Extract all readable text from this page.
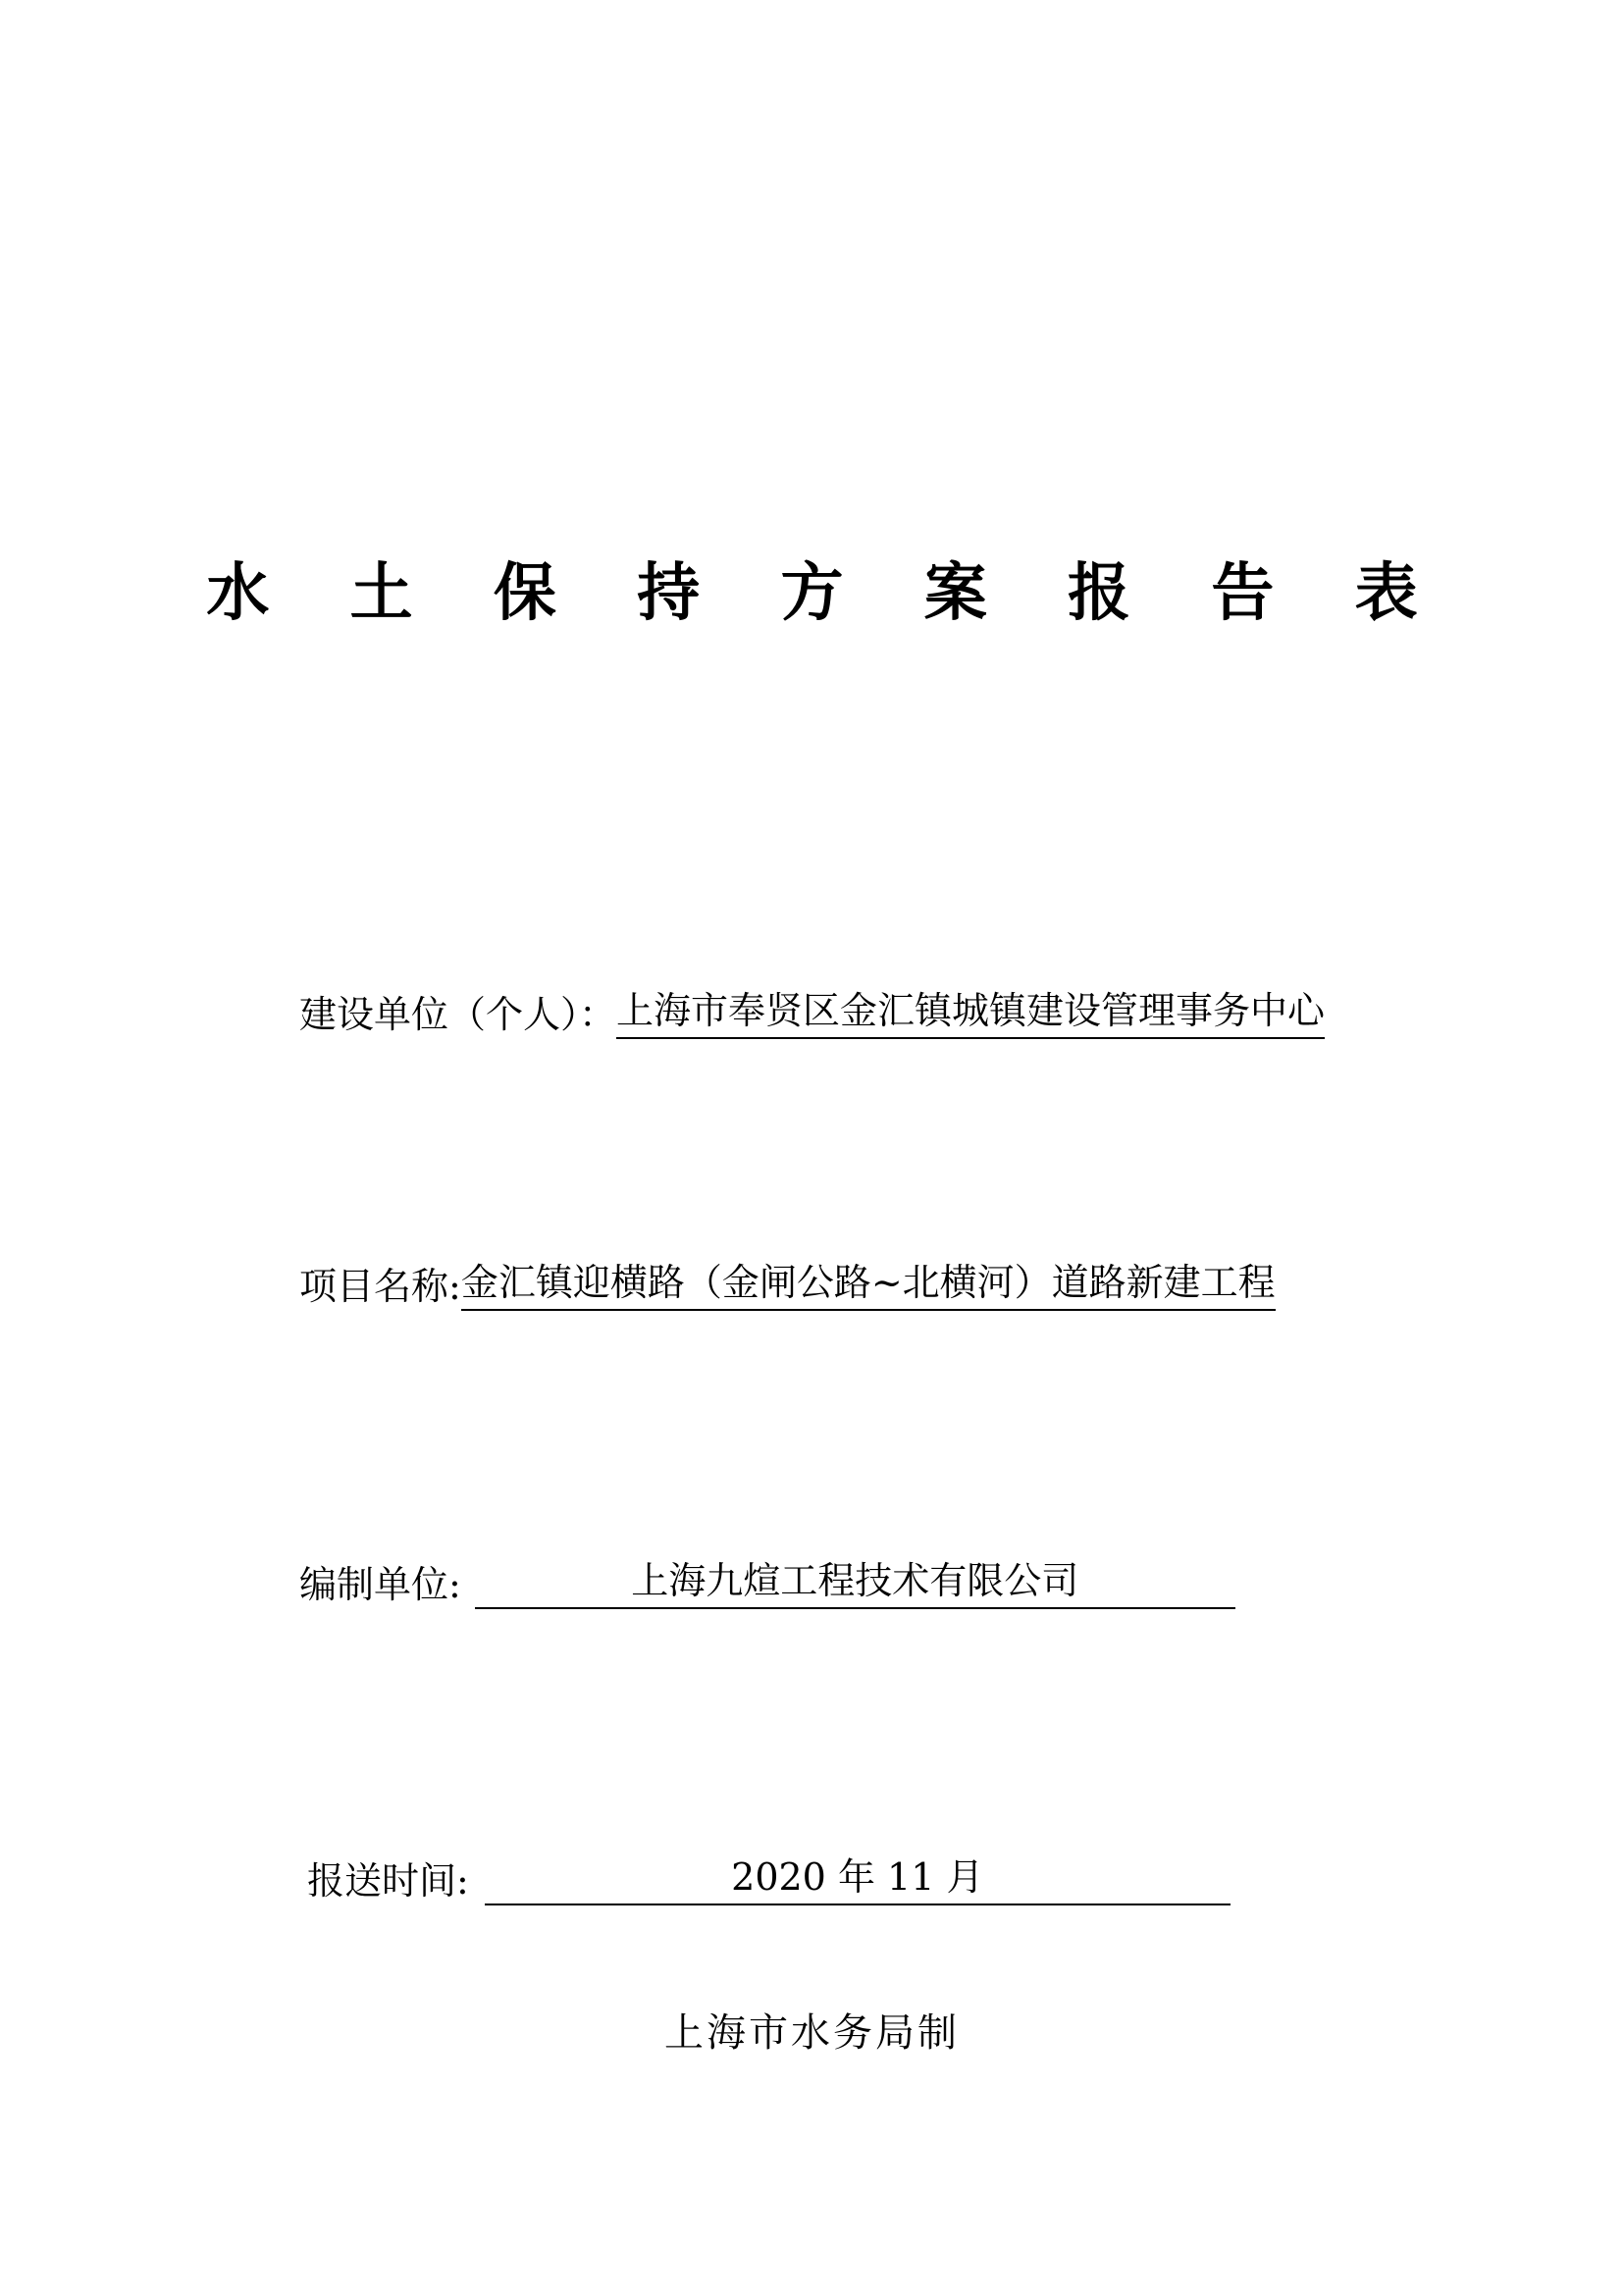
水 土 保 持 方 案 报 告 表
建设单位（个人）：上海市奉贤区金汇镇城镇建设管理事务中心
项目名称:金汇镇迎横路（金闸公路~北横河）道路新建工程
编制单位:	上海九煊工程技术有限公司
报送时间:	2020 年 11 月
上海市水务局制
